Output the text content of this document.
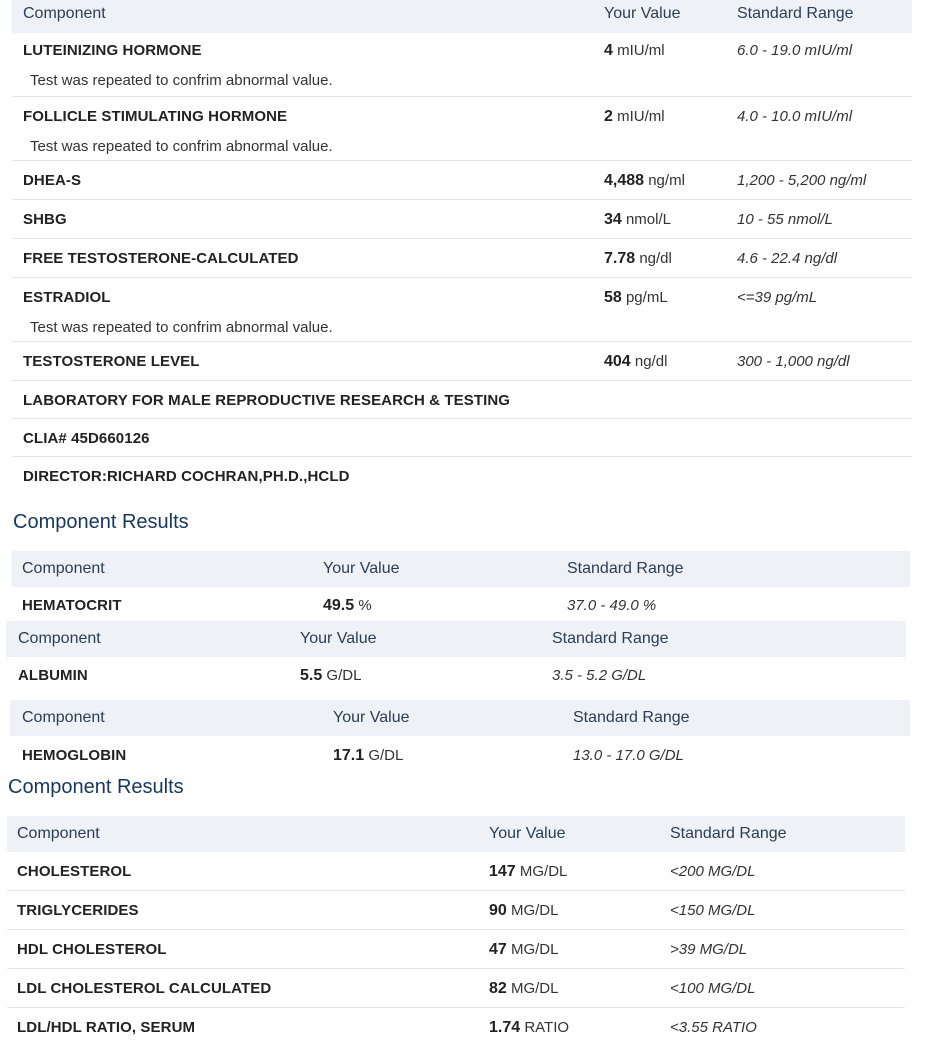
Component	Your Value	Standard Range
LUTEINIZING HORMONE	4 mIU/ml	6.0 - 19.0 mIU/ml
Test was repeated to confrim abnormal value.
FOLLICLE STIMULATING HORMONE	2 mIU/ml	4.0 - 10.0 mIU/ml
Test was repeated to confrim abnormal value.
DHEA-S	4,488 ng/ml	1,200 - 5,200 ng/ml
SHBG	34 nmol/L	10 - 55 nmol/L
FREE TESTOSTERONE-CALCULATED	7.78 ng/dl	4.6 - 22.4 ng/dl
ESTRADIOL	58 pg/mL	<=39 pg/mL
Test was repeated to confrim abnormal value.
TESTOSTERONE LEVEL	404 ng/dl	300 - 1,000 ng/dl
LABORATORY FOR MALE REPRODUCTIVE RESEARCH & TESTING
CLIA# 45D660126
DIRECTOR:RICHARD COCHRAN,PH.D.,HCLD
Component Results
Component	Your Value	Standard Range
HEMATOCRIT	49.5 %	37.0 - 49.0 %
Component	Your Value	Standard Range
ALBUMIN	5.5 G/DL	3.5 - 5.2 G/DL
Component	Your Value	Standard Range
HEMOGLOBIN	17.1 G/DL	13.0 - 17.0 G/DL
Component Results
Component	Your Value	Standard Range
CHOLESTEROL	147 MG/DL	<200 MG/DL
TRIGLYCERIDES	90 MG/DL	<150 MG/DL
HDL CHOLESTEROL	47 MG/DL	>39 MG/DL
LDL CHOLESTEROL CALCULATED	82 MG/DL	<100 MG/DL
LDL/HDL RATIO, SERUM	1.74 RATIO	<3.55 RATIO
